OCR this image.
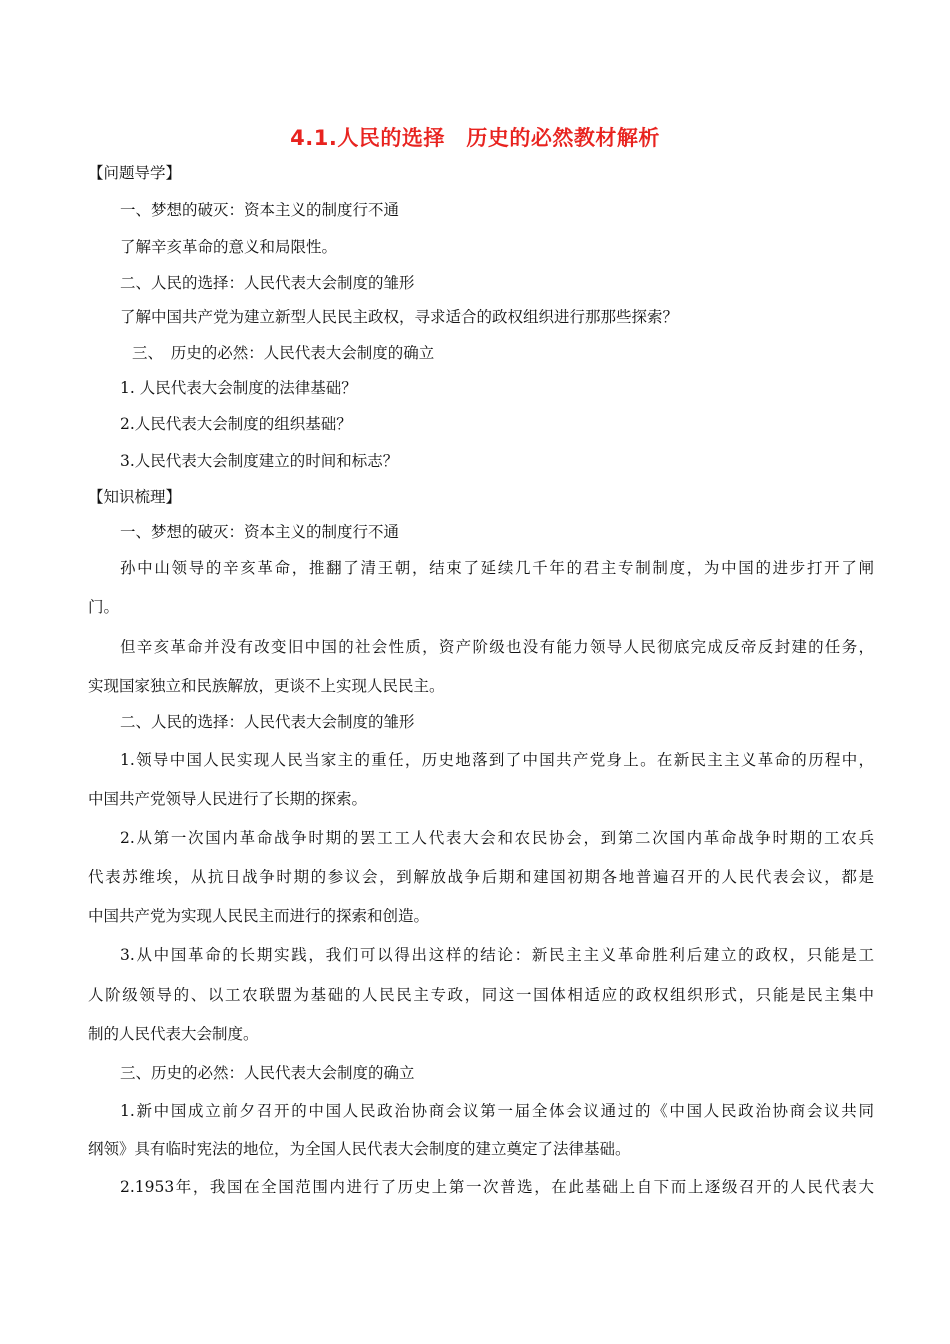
4.1.人民的选择　历史的必然教材解析
【问题导学】
一、梦想的破灭：资本主义的制度行不通
了解辛亥革命的意义和局限性。
二、人民的选择：人民代表大会制度的雏形
了解中国共产党为建立新型人民民主政权，寻求适合的政权组织进行那那些探索？
三、　历史的必然：人民代表大会制度的确立
1. 人民代表大会制度的法律基础？
2.人民代表大会制度的组织基础？
3.人民代表大会制度建立的时间和标志？
【知识梳理】
一、梦想的破灭：资本主义的制度行不通
孙中山领导的辛亥革命，推翻了清王朝，结束了延续几千年的君主专制制度，为中国的进步打开了闸
门。
但辛亥革命并没有改变旧中国的社会性质，资产阶级也没有能力领导人民彻底完成反帝反封建的任务，
实现国家独立和民族解放，更谈不上实现人民民主。
二、人民的选择：人民代表大会制度的雏形
1.领导中国人民实现人民当家主的重任，历史地落到了中国共产党身上。在新民主主义革命的历程中，
中国共产党领导人民进行了长期的探索。
2.从第一次国内革命战争时期的罢工工人代表大会和农民协会，到第二次国内革命战争时期的工农兵
代表苏维埃，从抗日战争时期的参议会，到解放战争后期和建国初期各地普遍召开的人民代表会议，都是
中国共产党为实现人民民主而进行的探索和创造。
3.从中国革命的长期实践，我们可以得出这样的结论：新民主主义革命胜利后建立的政权，只能是工
人阶级领导的、以工农联盟为基础的人民民主专政，同这一国体相适应的政权组织形式，只能是民主集中
制的人民代表大会制度。
三、历史的必然：人民代表大会制度的确立
1.新中国成立前夕召开的中国人民政治协商会议第一届全体会议通过的《中国人民政治协商会议共同
纲领》具有临时宪法的地位，为全国人民代表大会制度的建立奠定了法律基础。
2.1953年，我国在全国范围内进行了历史上第一次普选，在此基础上自下而上逐级召开的人民代表大
